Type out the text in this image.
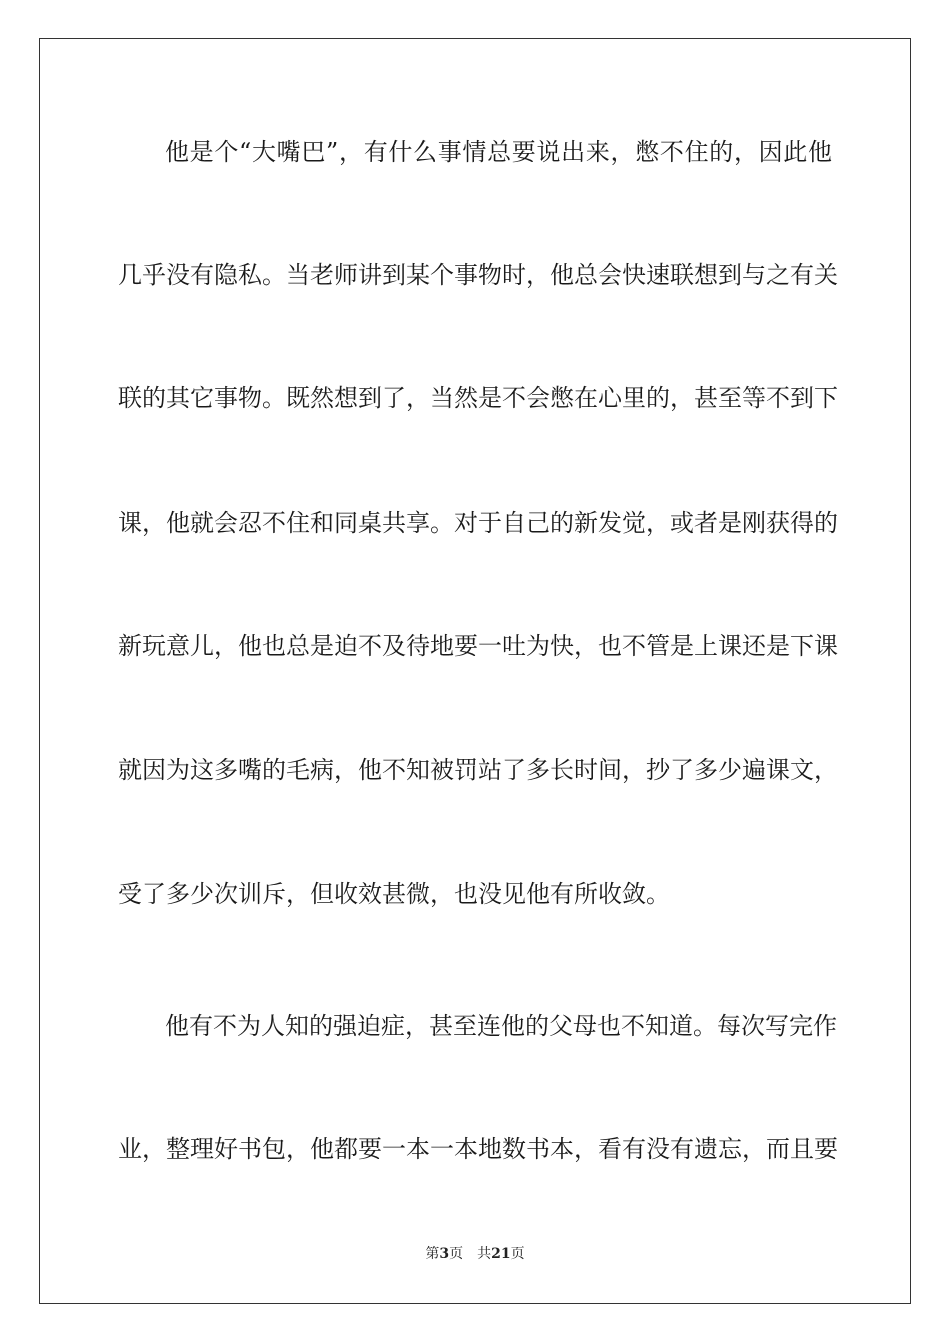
他是个“大嘴巴”，有什么事情总要说出来，憋不住的，因此他
几乎没有隐私。当老师讲到某个事物时，他总会快速联想到与之有关
联的其它事物。既然想到了，当然是不会憋在心里的，甚至等不到下
课，他就会忍不住和同桌共享。对于自己的新发觉，或者是刚获得的
新玩意儿，他也总是迫不及待地要一吐为快，也不管是上课还是下课
就因为这多嘴的毛病，他不知被罚站了多长时间，抄了多少遍课文，
受了多少次训斥，但收效甚微，也没见他有所收敛。
他有不为人知的强迫症，甚至连他的父母也不知道。每次写完作
业，整理好书包，他都要一本一本地数书本，看有没有遗忘，而且要
第3页 共21页
